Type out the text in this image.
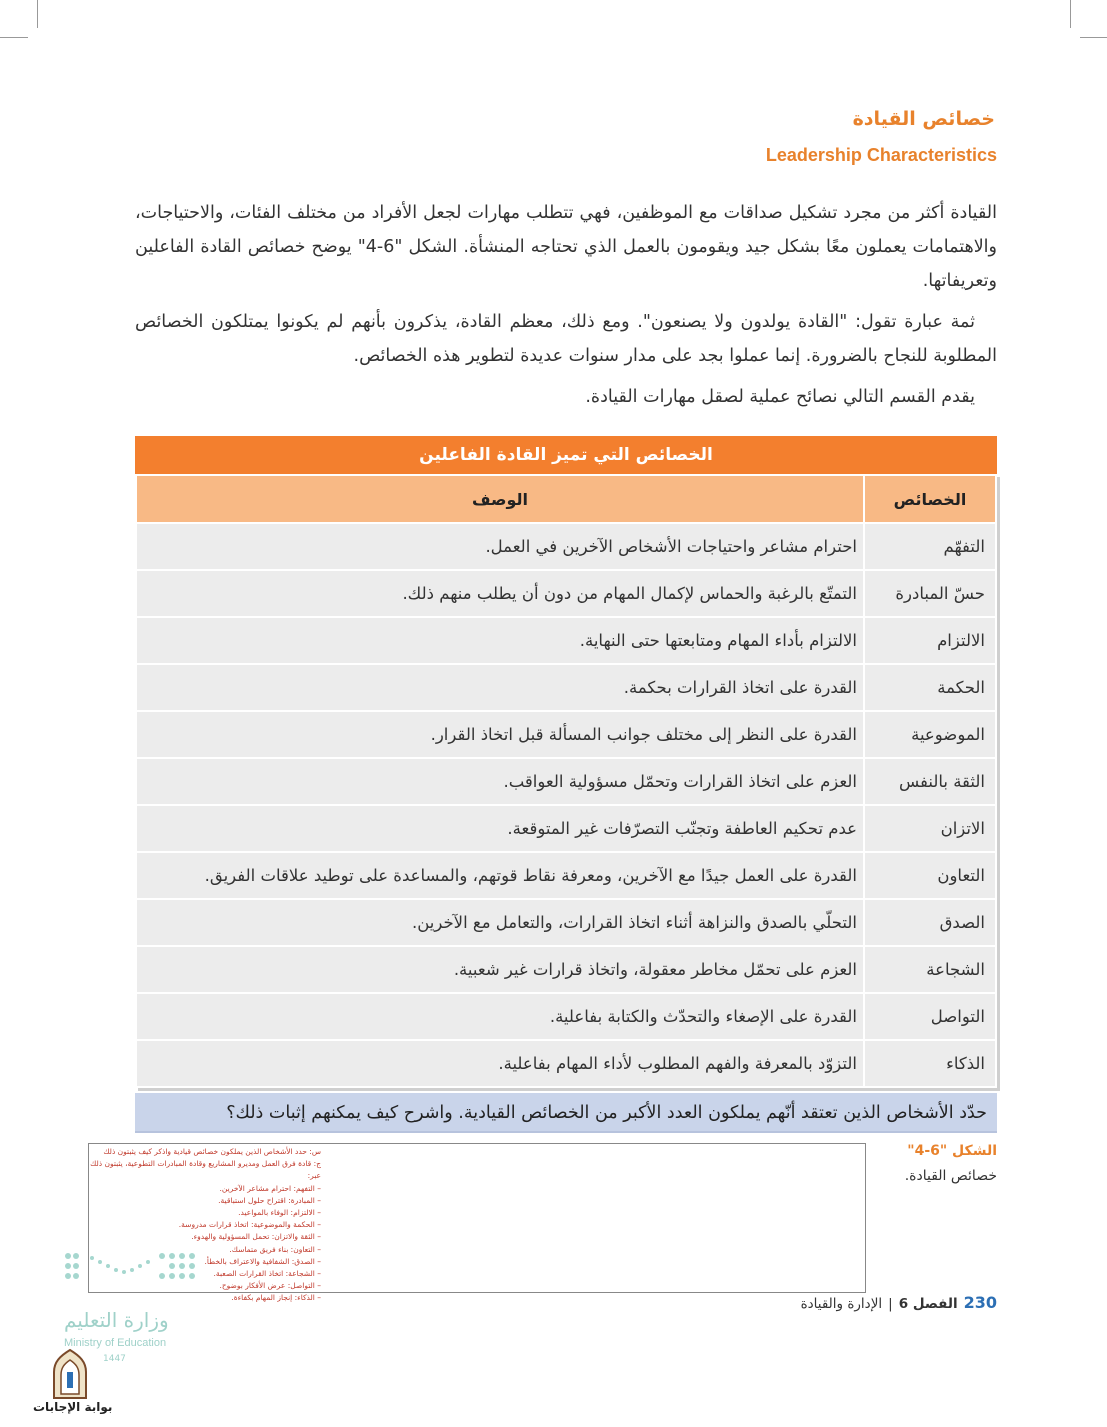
خصائص القيادة
Leadership Characteristics
القيادة أكثر من مجرد تشكيل صداقات مع الموظفين، فهي تتطلب مهارات لجعل الأفراد من مختلف الفئات، والاحتياجات، والاهتمامات يعملون معًا بشكل جيد ويقومون بالعمل الذي تحتاجه المنشأة. الشكل "6-4" يوضح خصائص القادة الفاعلين وتعريفاتها.
ثمة عبارة تقول: "القادة يولدون ولا يصنعون". ومع ذلك، معظم القادة، يذكرون بأنهم لم يكونوا يمتلكون الخصائص المطلوبة للنجاح بالضرورة. إنما عملوا بجد على مدار سنوات عديدة لتطوير هذه الخصائص.
يقدم القسم التالي نصائح عملية لصقل مهارات القيادة.
الخصائص التي تميز القادة الفاعلين
الخصائص	الوصف
التفهّم	احترام مشاعر واحتياجات الأشخاص الآخرين في العمل.
حسّ المبادرة	التمتّع بالرغبة والحماس لإكمال المهام من دون أن يطلب منهم ذلك.
الالتزام	الالتزام بأداء المهام ومتابعتها حتى النهاية.
الحكمة	القدرة على اتخاذ القرارات بحكمة.
الموضوعية	القدرة على النظر إلى مختلف جوانب المسألة قبل اتخاذ القرار.
الثقة بالنفس	العزم على اتخاذ القرارات وتحمّل مسؤولية العواقب.
الاتزان	عدم تحكيم العاطفة وتجنّب التصرّفات غير المتوقعة.
التعاون	القدرة على العمل جيدًا مع الآخرين، ومعرفة نقاط قوتهم، والمساعدة على توطيد علاقات الفريق.
الصدق	التحلّي بالصدق والنزاهة أثناء اتخاذ القرارات، والتعامل مع الآخرين.
الشجاعة	العزم على تحمّل مخاطر معقولة، واتخاذ قرارات غير شعبية.
التواصل	القدرة على الإصغاء والتحدّث والكتابة بفاعلية.
الذكاء	التزوّد بالمعرفة والفهم المطلوب لأداء المهام بفاعلية.
حدّد الأشخاص الذين تعتقد أنّهم يملكون العدد الأكبر من الخصائص القيادية. واشرح كيف يمكنهم إثبات ذلك؟
س: حدد الأشخاص الذين يملكون خصائص قيادية واذكر كيف يثبتون ذلك
ج: قادة فرق العمل ومديرو المشاريع وقادة المبادرات التطوعية، يثبتون ذلك عبر:
– التفهم: احترام مشاعر الآخرين.
– المبادرة: اقتراح حلول استباقية.
– الالتزام: الوفاء بالمواعيد.
– الحكمة والموضوعية: اتخاذ قرارات مدروسة.
– الثقة والاتزان: تحمل المسؤولية والهدوء.
– التعاون: بناء فريق متماسك.
– الصدق: الشفافية والاعتراف بالخطأ.
– الشجاعة: اتخاذ القرارات الصعبة.
– التواصل: عرض الأفكار بوضوح.
– الذكاء: إنجاز المهام بكفاءة.
الشكل "6-4"
خصائص القيادة.
230
الفصل 6
|
الإدارة والقيادة
وزارة التعليم
Ministry of Education
1447
بوابة الإجابات
